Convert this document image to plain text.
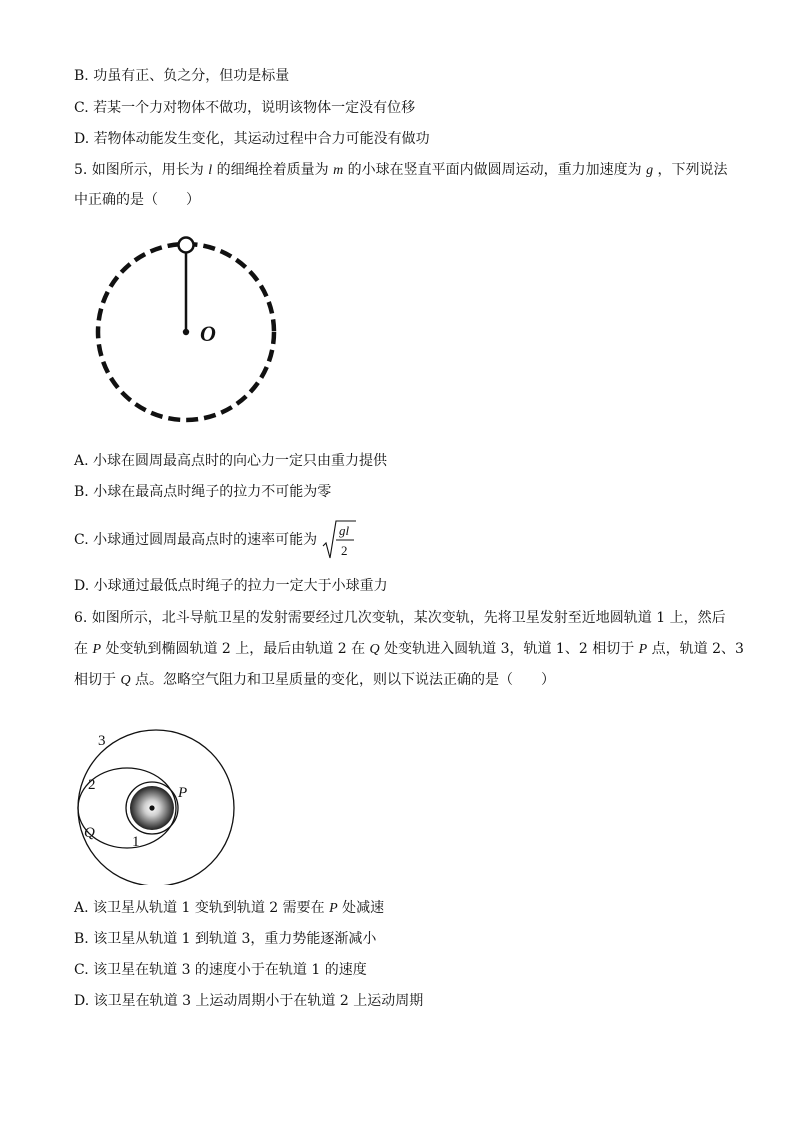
B. 功虽有正、负之分，但功是标量
C. 若某一个力对物体不做功，说明该物体一定没有位移
D. 若物体动能发生变化，其运动过程中合力可能没有做功
5. 如图所示，用长为 l 的细绳拴着质量为 m 的小球在竖直平面内做圆周运动，重力加速度为 g ，下列说法
中正确的是（　　）
O
A. 小球在圆周最高点时的向心力一定只由重力提供
B. 小球在最高点时绳子的拉力不可能为零
C. 小球通过圆周最高点时的速率可能为
gl
2
D. 小球通过最低点时绳子的拉力一定大于小球重力
6. 如图所示，北斗导航卫星的发射需要经过几次变轨，某次变轨，先将卫星发射至近地圆轨道 1 上，然后
在 P 处变轨到椭圆轨道 2 上，最后由轨道 2 在 Q 处变轨进入圆轨道 3，轨道 1、2 相切于 P 点，轨道 2、3
相切于 Q 点。忽略空气阻力和卫星质量的变化，则以下说法正确的是（　　）
3
2
1
P
Q
A. 该卫星从轨道 1 变轨到轨道 2 需要在 P 处减速
B. 该卫星从轨道 1 到轨道 3，重力势能逐渐减小
C. 该卫星在轨道 3 的速度小于在轨道 1 的速度
D. 该卫星在轨道 3 上运动周期小于在轨道 2 上运动周期
